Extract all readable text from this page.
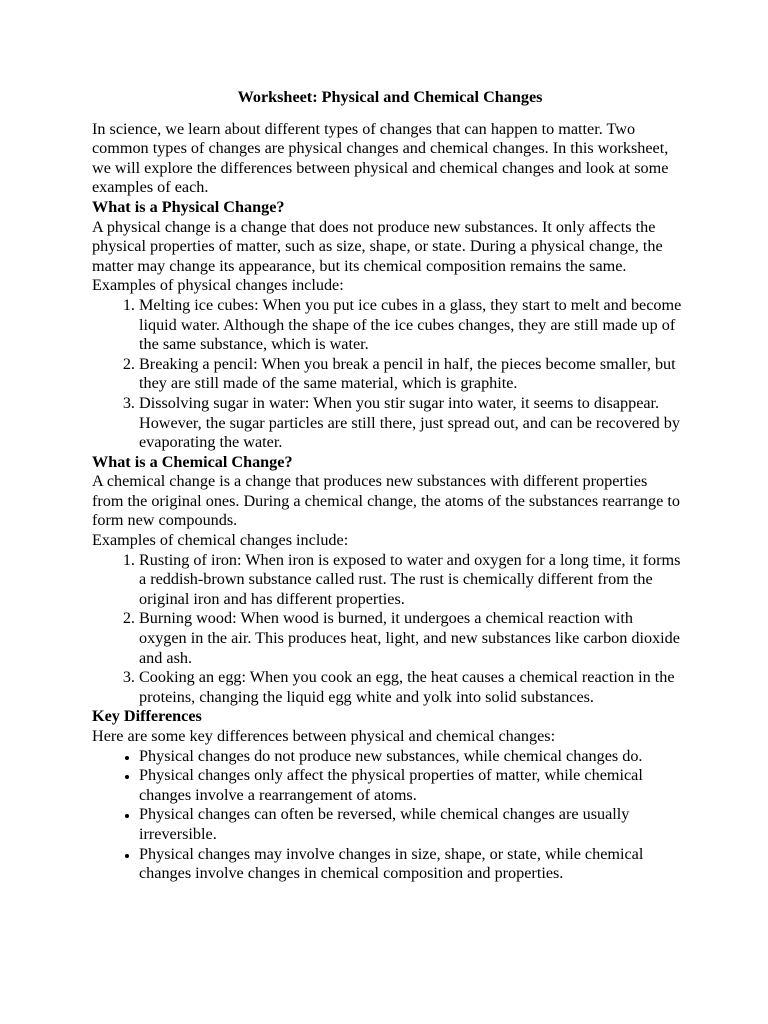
Worksheet: Physical and Chemical Changes

In science, we learn about different types of changes that can happen to matter. Two common types of changes are physical changes and chemical changes. In this worksheet, we will explore the differences between physical and chemical changes and look at some examples of each.

What is a Physical Change?

A physical change is a change that does not produce new substances. It only affects the physical properties of matter, such as size, shape, or state. During a physical change, the matter may change its appearance, but its chemical composition remains the same.

Examples of physical changes include:

1. Melting ice cubes: When you put ice cubes in a glass, they start to melt and become liquid water. Although the shape of the ice cubes changes, they are still made up of the same substance, which is water.
2. Breaking a pencil: When you break a pencil in half, the pieces become smaller, but they are still made of the same material, which is graphite.
3. Dissolving sugar in water: When you stir sugar into water, it seems to disappear. However, the sugar particles are still there, just spread out, and can be recovered by evaporating the water.

What is a Chemical Change?

A chemical change is a change that produces new substances with different properties from the original ones. During a chemical change, the atoms of the substances rearrange to form new compounds.

Examples of chemical changes include:

1. Rusting of iron: When iron is exposed to water and oxygen for a long time, it forms a reddish-brown substance called rust. The rust is chemically different from the original iron and has different properties.
2. Burning wood: When wood is burned, it undergoes a chemical reaction with oxygen in the air. This produces heat, light, and new substances like carbon dioxide and ash.
3. Cooking an egg: When you cook an egg, the heat causes a chemical reaction in the proteins, changing the liquid egg white and yolk into solid substances.

Key Differences

Here are some key differences between physical and chemical changes:

• Physical changes do not produce new substances, while chemical changes do.
• Physical changes only affect the physical properties of matter, while chemical changes involve a rearrangement of atoms.
• Physical changes can often be reversed, while chemical changes are usually irreversible.
• Physical changes may involve changes in size, shape, or state, while chemical changes involve changes in chemical composition and properties.
